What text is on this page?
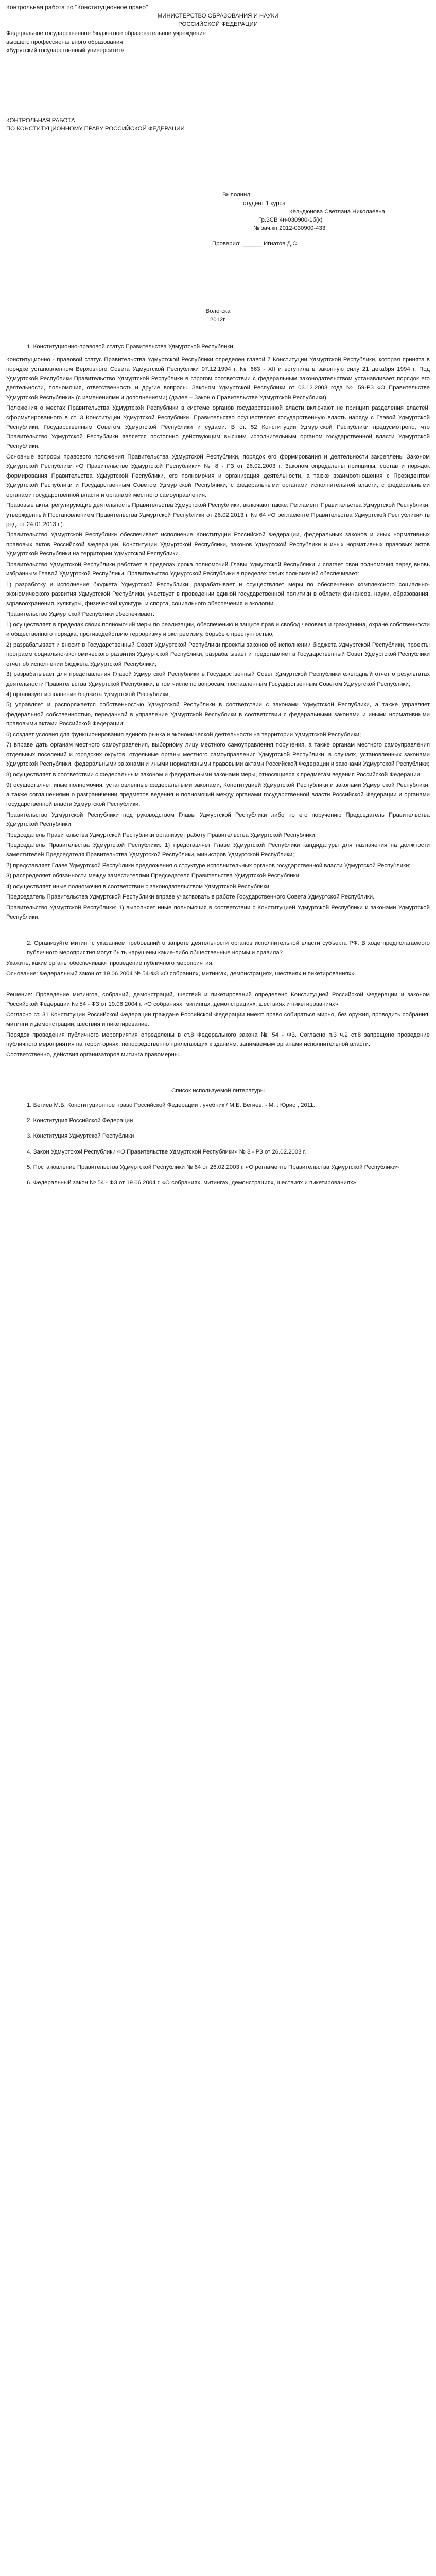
Контрольная работа по "Конституционное право"
МИНИСТЕРСТВО ОБРАЗОВАНИЯ И НАУКИ
РОССИЙСКОЙ ФЕДЕРАЦИИ
Федеральное государственное бюджетное образовательное учреждение
высшего профессионального образования
«Бурятский государственный университет»
КОНТРОЛЬНАЯ РАБОТА
ПО КОНСТИТУЦИОННОМУ ПРАВУ РОССИЙСКОЙ ФЕДЕРАЦИИ
Выполнил:
студент 1 курса
Кельдюнова Светлана Николаевна
Гр.ЗСВ 4н-030900-1б(к)
№ зач.кн.2012-030900-433
Проверил: ______ Игнатов Д.С.
Вологска
2012г.
1. Конституционно-правовой статус Правительства Удмуртской Республики

Конституционно - правовой статус Правительства Удмуртской Республики определен главой 7 Конституции Удмуртской Республики, которая принята в порядке установленном Верховного Совета Удмуртской Республики 07.12.1994 г. № 663 - XII и вступила в законную силу 21 декабря 1994 г. Под Удмуртской Республики Правительство Удмуртской Республики в строгом соответствии с федеральным законодательством устанавливает порядок его деятельности, полномочия, ответственность и другие вопросы. Законом Удмуртской Республики от 03.12.2003 года № 59-РЗ «О Правительстве Удмуртской Республики» (с изменениями и дополнениями) (далее – Закон о Правительстве Удмуртской Республики).

Положения о местах Правительства Удмуртской Республики в системе органов государственной власти включают не принцип разделения властей, сформулированного в ст. 3 Конституции Удмуртской Республики. Правительство осуществляет государственную власть наряду с Главой Удмуртской Республики, Государственным Советом Удмуртской Республики и судами. В ст. 52 Конституции Удмуртской Республики предусмотрено, что Правительство Удмуртской Республики является постоянно действующим высшим исполнительным органом государственной власти Удмуртской Республики.

Основные вопросы правового положения Правительства Удмуртской Республики, порядок его формирования и деятельности закреплены Законом Удмуртской Республики «О Правительстве Удмуртской Республики» № 8 - РЗ от 26.02.2003 г. Законом определены принципы, состав и порядок формирования Правительства Удмуртской Республики, его полномочия и организация деятельности, а также взаимоотношения с Президентом Удмуртской Республики и Государственным Советом Удмуртской Республики, с федеральными органами исполнительной власти, с федеральными органами государственной власти и органами местного самоуправления.

Правовые акты, регулирующие деятельность Правительства Удмуртской Республики, включают также: Регламент Правительства Удмуртской Республики, утвержденный Постановлением Правительства Удмуртской Республики от 26.02.2013 г. № 64 «О регламенте Правительства Удмуртской Республики» (в ред. от 24.01.2013 г.).

Правительство Удмуртской Республики обеспечивает исполнение Конституции Российской Федерации, федеральных законов и иных нормативных правовых актов Российской Федерации, Конституции Удмуртской Республики, законов Удмуртской Республики и иных нормативных правовых актов Удмуртской Республики на территории Удмуртской Республики.

Правительство Удмуртской Республики работает в пределах срока полномочий Главы Удмуртской Республики и слагает свои полномочия перед вновь избранным Главой Удмуртской Республики. Правительство Удмуртской Республики в пределах своих полномочий обеспечивает:

1) разработку и исполнение бюджета Удмуртской Республики, разрабатывает и осуществляет меры по обеспечению комплексного социально-экономического развития Удмуртской Республики, участвует в проведении единой государственной политики в области финансов, науки, образования, здравоохранения, культуры, физической культуры и спорта, социального обеспечения и экологии.

Правительство Удмуртской Республики обеспечивает:

1) осуществляет в пределах своих полномочий меры по реализации, обеспечению и защите прав и свобод человека и гражданина, охране собственности и общественного порядка, противодействию терроризму и экстремизму, борьбе с преступностью;

2) разрабатывает и вносит в Государственный Совет Удмуртской Республики проекты законов об исполнении бюджета Удмуртской Республики, проекты программ социально-экономического развития Удмуртской Республики, разрабатывает и представляет в Государственный Совет Удмуртской Республики отчет об исполнении бюджета Удмуртской Республики;

3) разрабатывает для представления Главой Удмуртской Республики в Государственный Совет Удмуртской Республики ежегодный отчет о результатах деятельности Правительства Удмуртской Республики, в том числе по вопросам, поставленным Государственным Советом Удмуртской Республики;

4) организует исполнение бюджета Удмуртской Республики;

5) управляет и распоряжается собственностью Удмуртской Республики в соответствии с законами Удмуртской Республики, а также управляет федеральной собственностью, переданной в управление Удмуртской Республики в соответствии с федеральными законами и иными нормативными правовыми актами Российской Федерации;

6) создает условия для функционирования единого рынка и экономической деятельности на территории Удмуртской Республики;

7) вправе дать органам местного самоуправления, выборному лицу местного самоуправления поручения, а также органам местного самоуправления отдельных поселений и городских округов, отдельные органы местного самоуправления Удмуртской Республики, в случаях, установленных законами Удмуртской Республики, федеральными законами и иными нормативными правовыми актами Российской Федерации и законами Удмуртской Республики;

8) осуществляет в соответствии с федеральным законом и федеральными законами меры, относящиеся к предметам ведения Российской Федерации;

9) осуществляет иные полномочия, установленные федеральными законами, Конституцией Удмуртской Республики и законами Удмуртской Республики, а также соглашениями о разграничении предметов ведения и полномочий между органами государственной власти Российской Федерации и органами государственной власти Удмуртской Республики.

Правительство Удмуртской Республики под руководством Главы Удмуртской Республики либо по его поручению Председатель Правительства Удмуртской Республики.

Председатель Правительства Удмуртской Республики организует работу Правительства Удмуртской Республики.

Председатель Правительства Удмуртской Республики: 1) представляет Главе Удмуртской Республики кандидатуры для назначения на должности заместителей Председателя Правительства Удмуртской Республики, министров Удмуртской Республики;

2) представляет Главе Удмуртской Республики предложения о структуре исполнительных органов государственной власти Удмуртской Республики;

3) распределяет обязанности между заместителями Председателя Правительства Удмуртской Республики;

4) осуществляет иные полномочия в соответствии с законодательством Удмуртской Республики.

Председатель Правительства Удмуртской Республики вправе участвовать в работе Государственного Совета Удмуртской Республики.

Правительство Удмуртской Республики: 1) выполняет иные полномочия в соответствии с Конституцией Удмуртской Республики и законами Удмуртской Республики.

2. Организуйте митинг с указанием требований о запрете деятельности органов исполнительной власти субъекта РФ. В ходе предполагаемого публичного мероприятия могут быть нарушены какие-либо общественные нормы и правила?

Укажите, какие органы обеспечивают проведение публичного мероприятия.

Основание: Федеральный закон от 19.06.2004 № 54-ФЗ «О собраниях, митингах, демонстрациях, шествиях и пикетированиях».

Решение: Проведение митингов, собраний, демонстраций, шествий и пикетирований определено Конституцией Российской Федерации и законом Российской Федерации № 54 - ФЗ от 19.06.2004 г. «О собраниях, митингах, демонстрациях, шествиях и пикетированиях».

Согласно ст. 31 Конституции Российской Федерации граждане Российской Федерации имеют право собираться мирно, без оружия, проводить собрания, митинги и демонстрации, шествия и пикетирование.

Порядок проведения публичного мероприятия определены в ст.8 Федерального закона № 54 - ФЗ. Согласно п.3 ч.2 ст.8 запрещено проведение публичного мероприятия на территориях, непосредственно прилегающих к зданиям, занимаемым органами исполнительной власти.

Соответственно, действия организаторов митинга правомерны.

Список используемой литературы
1. Бегиев М.Б. Конституционное право Российской Федерации : учебник / М.Б. Бегиев. - М. : Юрист, 2011.
2. Конституция Российской Федерации
3. Конституция Удмуртской Республики
4. Закон Удмуртской Республики «О Правительстве Удмуртской Республики» № 8 - РЗ от 26.02.2003 г.
5. Постановление Правительства Удмуртской Республики № 64 от 26.02.2003 г. «О регламенте Правительства Удмуртской Республики»
6. Федеральный закон № 54 - ФЗ от 19.06.2004 г. «О собраниях, митингах, демонстрациях, шествиях и пикетированиях».
